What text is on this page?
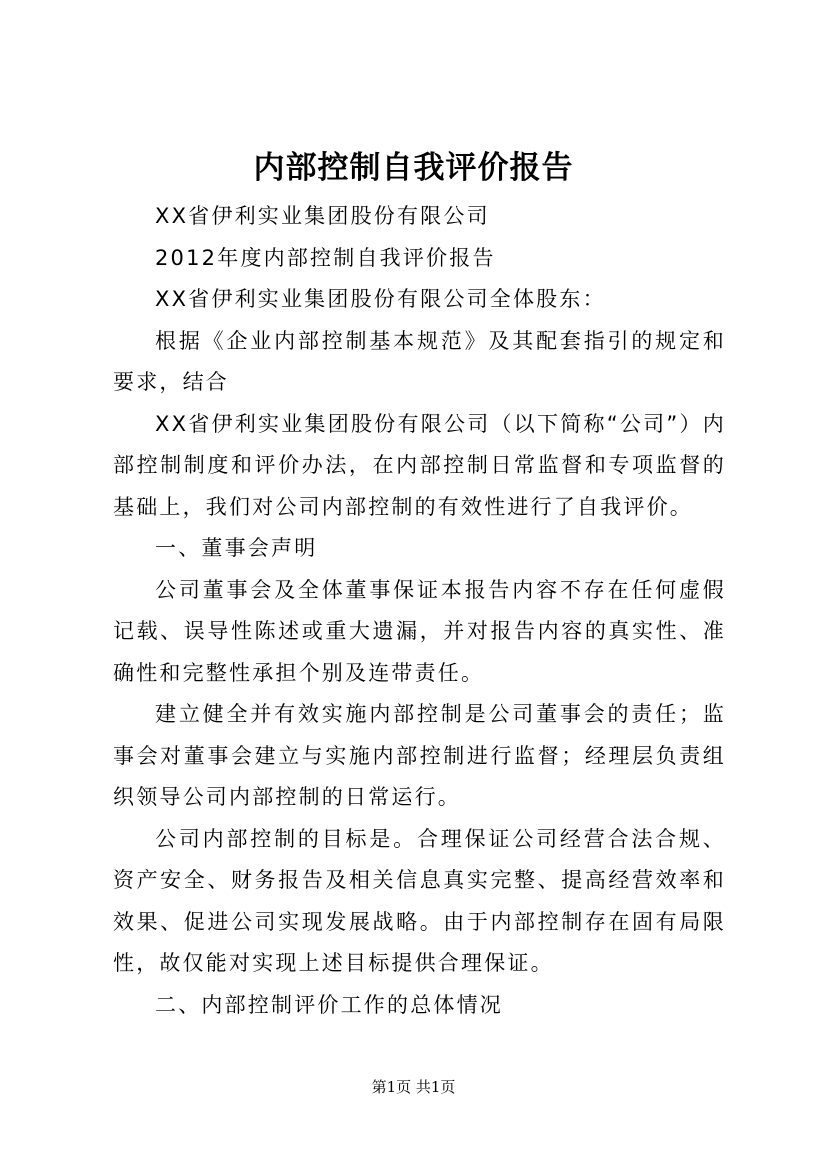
内部控制自我评价报告

XX省伊利实业集团股份有限公司

2012年度内部控制自我评价报告

XX省伊利实业集团股份有限公司全体股东：

根据《企业内部控制基本规范》及其配套指引的规定和要求，结合

XX省伊利实业集团股份有限公司（以下简称“公司”）内部控制制度和评价办法，在内部控制日常监督和专项监督的基础上，我们对公司内部控制的有效性进行了自我评价。

一、董事会声明

公司董事会及全体董事保证本报告内容不存在任何虚假记载、误导性陈述或重大遗漏，并对报告内容的真实性、准确性和完整性承担个别及连带责任。

建立健全并有效实施内部控制是公司董事会的责任；监事会对董事会建立与实施内部控制进行监督；经理层负责组织领导公司内部控制的日常运行。

公司内部控制的目标是。合理保证公司经营合法合规、资产安全、财务报告及相关信息真实完整、提高经营效率和效果、促进公司实现发展战略。由于内部控制存在固有局限性，故仅能对实现上述目标提供合理保证。

二、内部控制评价工作的总体情况

第1页 共1页
